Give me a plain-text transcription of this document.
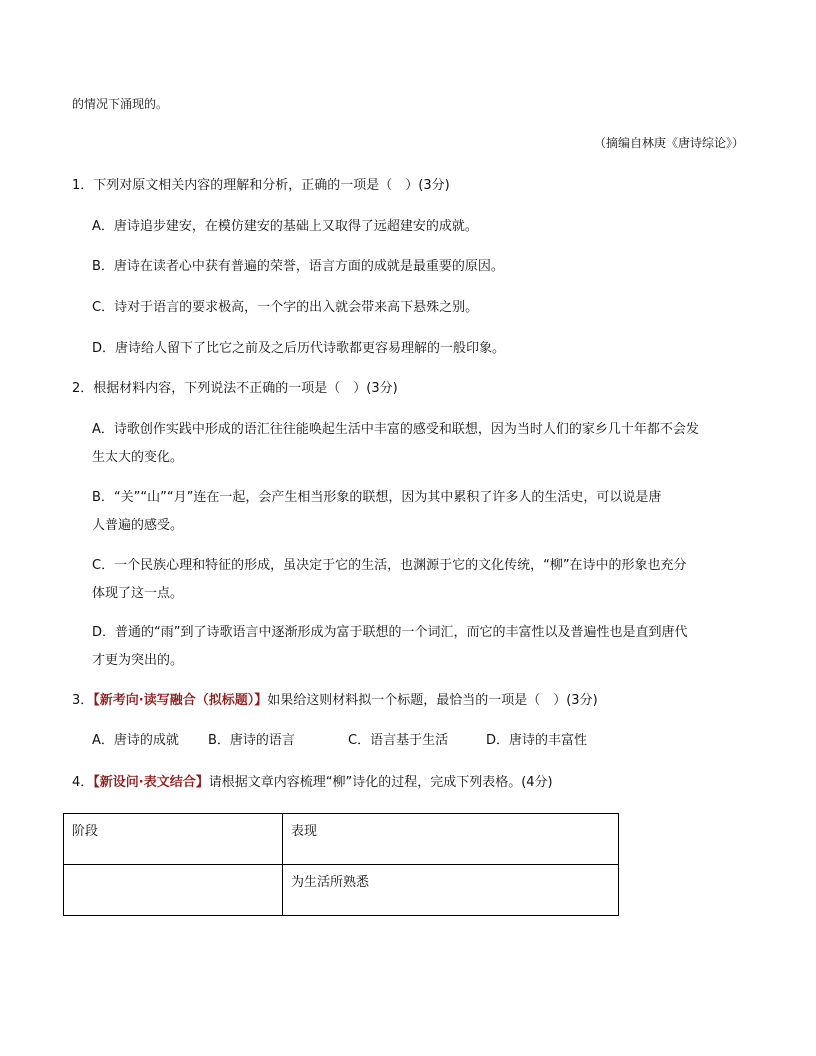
的情况下涌现的。
（摘编自林庚《唐诗综论》）
1．下列对原文相关内容的理解和分析，正确的一项是（　）(3分)
A．唐诗追步建安，在模仿建安的基础上又取得了远超建安的成就。
B．唐诗在读者心中获有普遍的荣誉，语言方面的成就是最重要的原因。
C．诗对于语言的要求极高，一个字的出入就会带来高下悬殊之别。
D．唐诗给人留下了比它之前及之后历代诗歌都更容易理解的一般印象。
2．根据材料内容，下列说法不正确的一项是（　）(3分)
A．诗歌创作实践中形成的语汇往往能唤起生活中丰富的感受和联想，因为当时人们的家乡几十年都不会发
生太大的变化。
B．“关”“山”“月”连在一起，会产生相当形象的联想，因为其中累积了许多人的生活史，可以说是唐
人普遍的感受。
C．一个民族心理和特征的形成，虽决定于它的生活，也渊源于它的文化传统，“柳”在诗中的形象也充分
体现了这一点。
D．普通的“雨”到了诗歌语言中逐渐形成为富于联想的一个词汇，而它的丰富性以及普遍性也是直到唐代
才更为突出的。
3．【新考向·读写融合（拟标题）】如果给这则材料拟一个标题，最恰当的一项是（　）(3分)
A．唐诗的成就 B．唐诗的语言	C．语言基于生活	D．唐诗的丰富性
4．【新设问·表文结合】请根据文章内容梳理“柳”诗化的过程，完成下列表格。(4分)
阶段	表现
	为生活所熟悉
